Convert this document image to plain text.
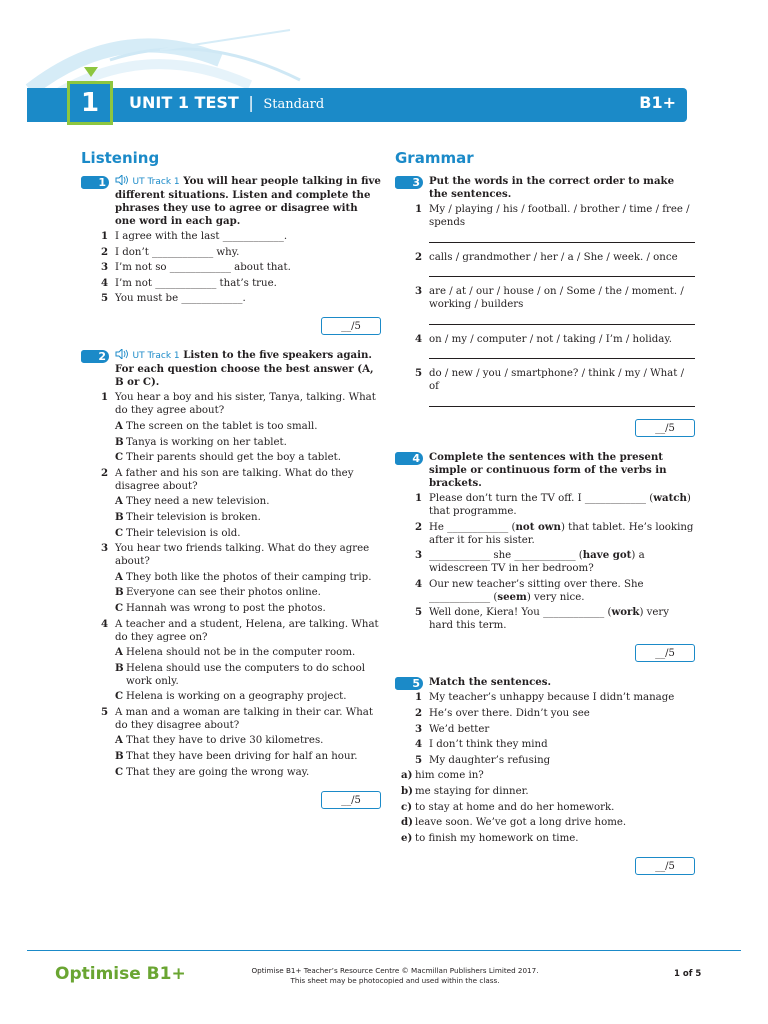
1	UNIT 1 TEST | Standard	B1+
Listening
1	UT Track 1 You will hear people talking in five different situations. Listen and complete the phrases they use to agree or disagree with one word in each gap.
1 I agree with the last ____________.
2 I don’t ____________ why.
3 I’m not so ____________ about that.
4 I’m not ____________ that’s true.
5 You must be ____________.
__/5
2	UT Track 1 Listen to the five speakers again. For each question choose the best answer (A, B or C).
1 You hear a boy and his sister, Tanya, talking. What do they agree about?
A The screen on the tablet is too small.
B Tanya is working on her tablet.
C Their parents should get the boy a tablet.
2 A father and his son are talking. What do they disagree about?
A They need a new television.
B Their television is broken.
C Their television is old.
3 You hear two friends talking. What do they agree about?
A They both like the photos of their camping trip.
B Everyone can see their photos online.
C Hannah was wrong to post the photos.
4 A teacher and a student, Helena, are talking. What do they agree on?
A Helena should not be in the computer room.
B Helena should use the computers to do school work only.
C Helena is working on a geography project.
5 A man and a woman are talking in their car. What do they disagree about?
A That they have to drive 30 kilometres.
B That they have been driving for half an hour.
C That they are going the wrong way.
__/5
Grammar
3 Put the words in the correct order to make the sentences.
1 My / playing / his / football. / brother / time / free / spends
2 calls / grandmother / her / a / She / week. / once
3 are / at / our / house / on / Some / the / moment. / working / builders
4 on / my / computer / not / taking / I’m / holiday.
5 do / new / you / smartphone? / think / my / What / of
__/5
4 Complete the sentences with the present simple or continuous form of the verbs in brackets.
1 Please don’t turn the TV off. I ____________ (watch) that programme.
2 He ____________ (not own) that tablet. He’s looking after it for his sister.
3 ____________ she ____________ (have got) a widescreen TV in her bedroom?
4 Our new teacher’s sitting over there. She ____________ (seem) very nice.
5 Well done, Kiera! You ____________ (work) very hard this term.
__/5
5 Match the sentences.
1 My teacher’s unhappy because I didn’t manage
2 He’s over there. Didn’t you see
3 We’d better
4 I don’t think they mind
5 My daughter’s refusing
a) him come in?
b) me staying for dinner.
c) to stay at home and do her homework.
d) leave soon. We’ve got a long drive home.
e) to finish my homework on time.
__/5
Optimise B1+	Optimise B1+ Teacher’s Resource Centre © Macmillan Publishers Limited 2017.
This sheet may be photocopied and used within the class.
1 of 5
